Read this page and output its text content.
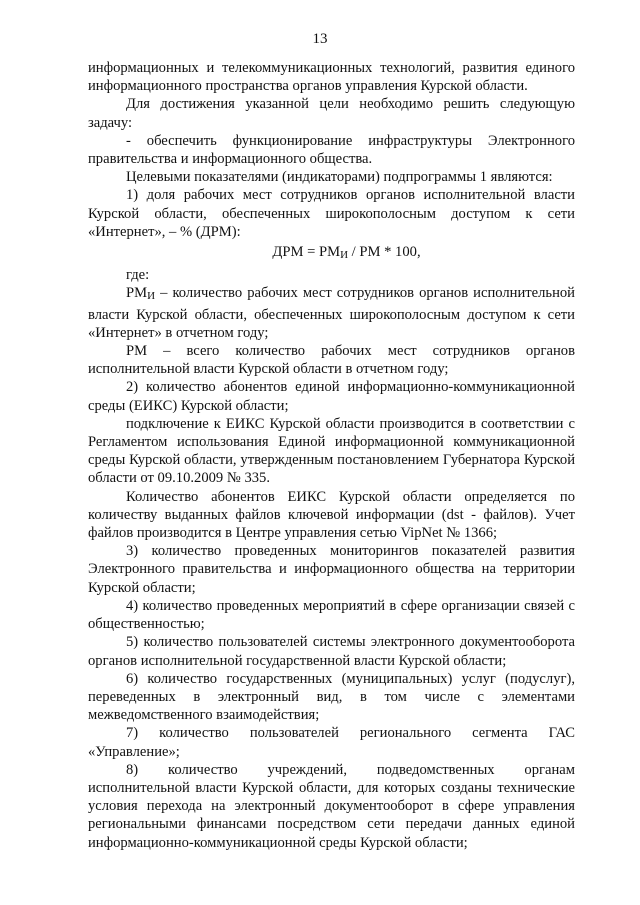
13

информационных и телекоммуникационных технологий, развития единого информационного пространства органов управления Курской области.

Для достижения указанной цели необходимо решить следующую задачу:

- обеспечить функционирование инфраструктуры Электронного правительства и информационного общества.

Целевыми показателями (индикаторами) подпрограммы 1 являются:

1) доля рабочих мест сотрудников органов исполнительной власти Курской области, обеспеченных широкополосным доступом к сети «Интернет», – % (ДРМ):

ДРМ = РМИ / РМ * 100,

где:

РМИ – количество рабочих мест сотрудников органов исполнительной власти Курской области, обеспеченных широкополосным доступом к сети «Интернет» в отчетном году;

РМ – всего количество рабочих мест сотрудников органов исполнительной власти Курской области в отчетном году;

2) количество абонентов единой информационно-коммуникационной среды (ЕИКС) Курской области;

подключение к ЕИКС Курской области производится в соответствии с Регламентом использования Единой информационной коммуникационной среды Курской области, утвержденным постановлением Губернатора Курской области от 09.10.2009 № 335.

Количество абонентов ЕИКС Курской области определяется по количеству выданных файлов ключевой информации (dst - файлов). Учет файлов производится в Центре управления сетью VipNet № 1366;

3) количество проведенных мониторингов показателей развития Электронного правительства и информационного общества на территории Курской области;

4) количество проведенных мероприятий в сфере организации связей с общественностью;

5) количество пользователей системы электронного документооборота органов исполнительной государственной власти Курской области;

6) количество государственных (муниципальных) услуг (подуслуг), переведенных в электронный вид, в том числе с элементами межведомственного взаимодействия;

7) количество пользователей регионального сегмента ГАС «Управление»;

8) количество учреждений, подведомственных органам исполнительной власти Курской области, для которых созданы технические условия перехода на электронный документооборот в сфере управления региональными финансами посредством сети передачи данных единой информационно-коммуникационной среды Курской области;
